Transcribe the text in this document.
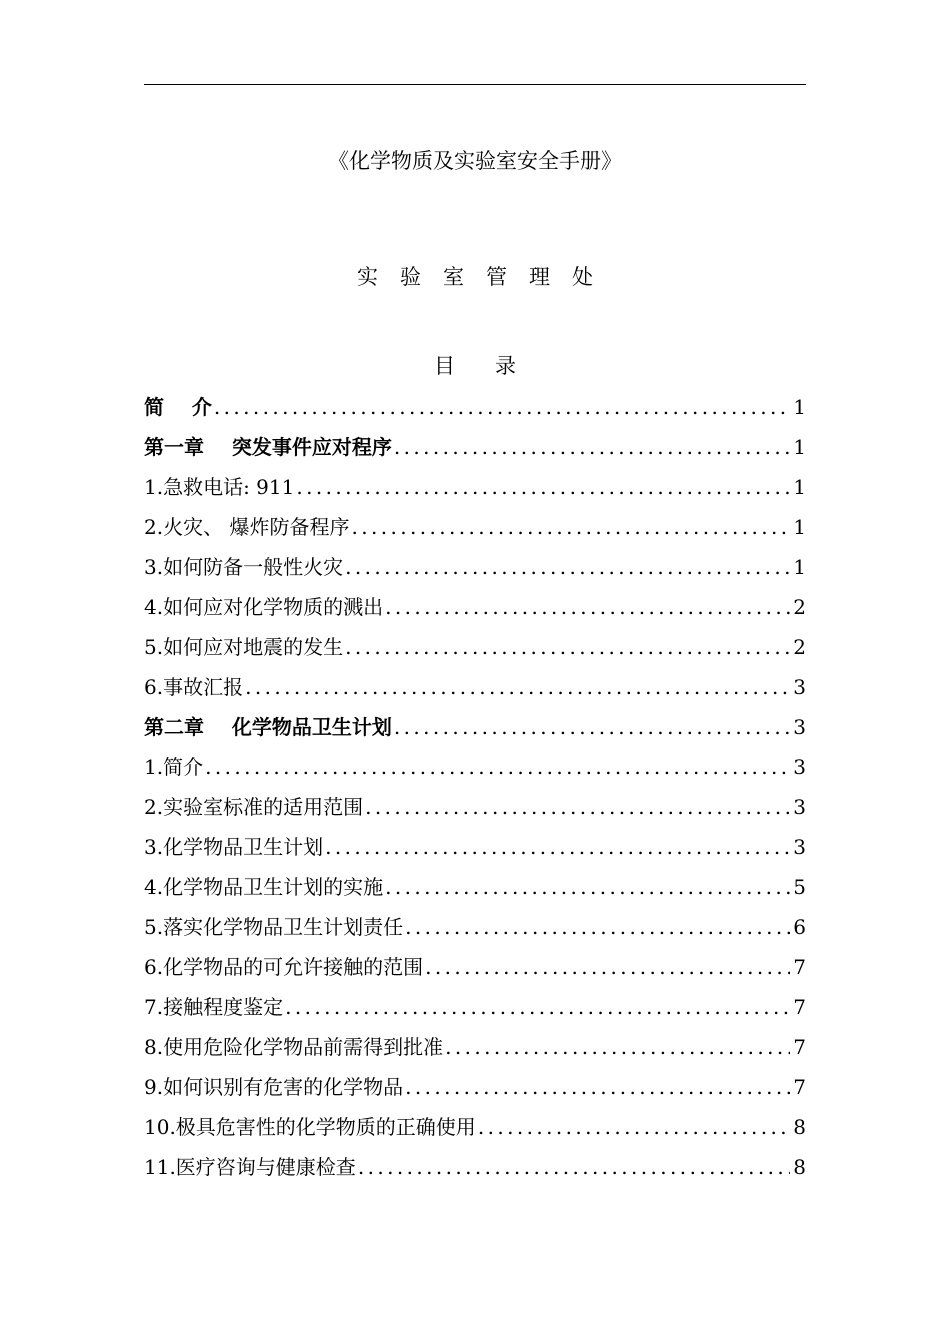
《化学物质及实验室安全手册》
实验室管理处
目录
简    介 .....	1
第一章    突发事件应对程序 .....	1
1.急救电话: 911 .....	1
2.火灾、 爆炸防备程序 .....	1
3.如何防备一般性火灾 .....	1
4.如何应对化学物质的溅出 .....	2
5.如何应对地震的发生 .....	2
6.事故汇报 .....	3
第二章    化学物品卫生计划 .....	3
1.简介 .....	3
2.实验室标准的适用范围 .....	3
3.化学物品卫生计划 .....	3
4.化学物品卫生计划的实施 .....	5
5.落实化学物品卫生计划责任 .....	6
6.化学物品的可允许接触的范围 .....	7
7.接触程度鉴定 .....	7
8.使用危险化学物品前需得到批准 .....	7
9.如何识别有危害的化学物品 .....	7
10.极具危害性的化学物质的正确使用 .....	8
11.医疗咨询与健康检查 .....	8
